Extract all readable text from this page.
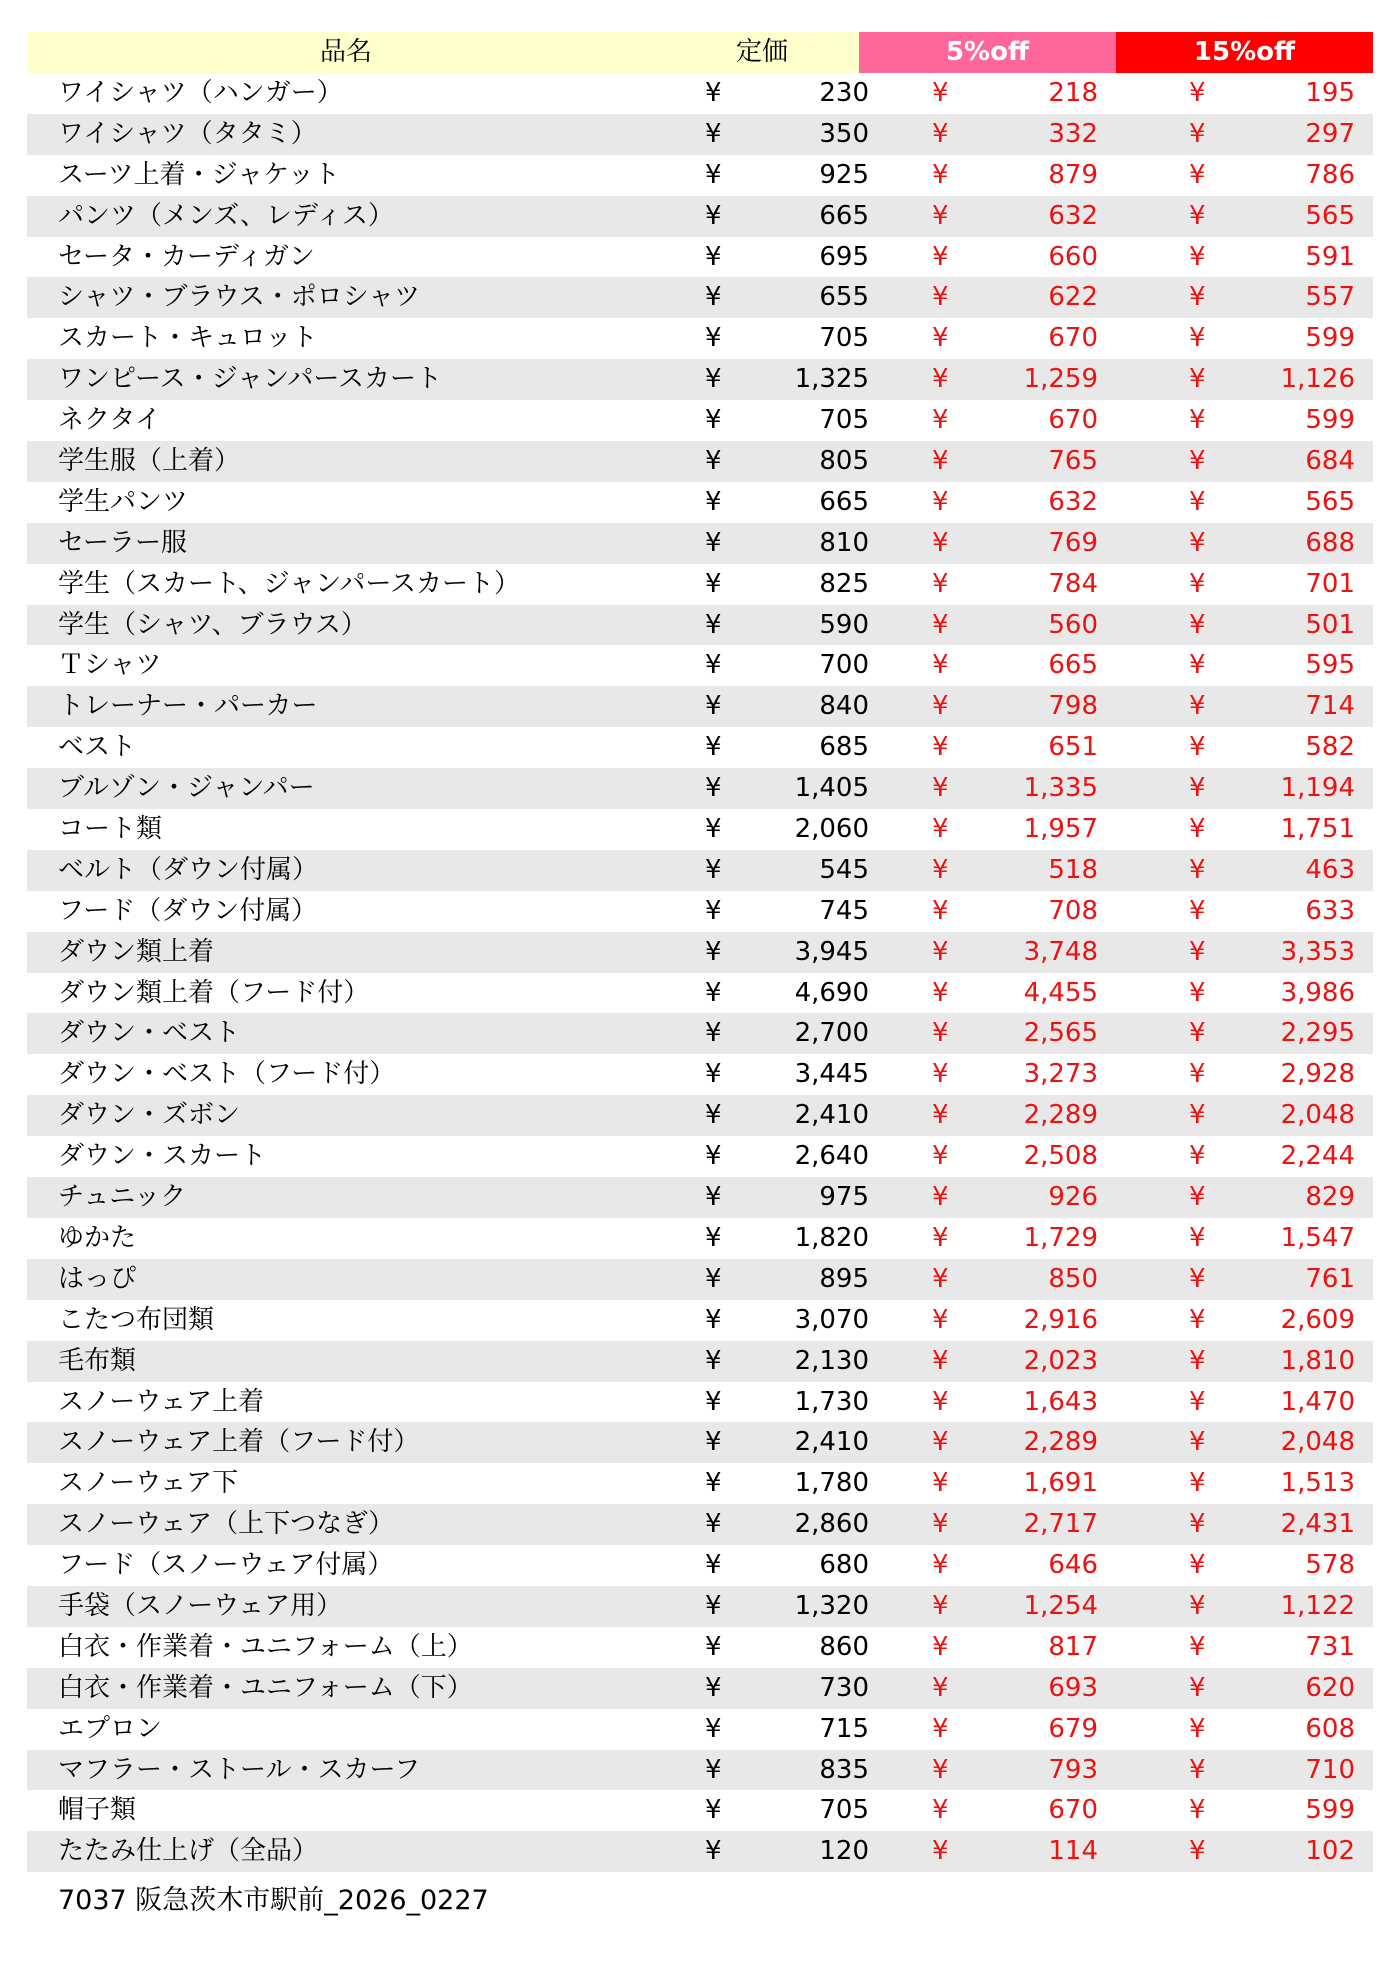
品名	定価	5%off	15%off
ワイシャツ（ハンガー）	¥	230 ¥	218	¥	195
ワイシャツ（タタミ）	¥	350 ¥	332	¥	297
スーツ上着・ジャケット	¥	925 ¥	879	¥	786
パンツ（メンズ、レディス）	¥	665 ¥	632	¥	565
セータ・カーディガン	¥	695 ¥	660	¥	591
シャツ・ブラウス・ポロシャツ	¥	655 ¥	622	¥	557
スカート・キュロット	¥	705 ¥	670	¥	599
ワンピース・ジャンパースカート	¥	1,325 ¥	1,259	¥	1,126
ネクタイ	¥	705 ¥	670	¥	599
学生服（上着）	¥	805 ¥	765	¥	684
学生パンツ	¥	665 ¥	632	¥	565
セーラー服	¥	810 ¥	769	¥	688
学生（スカート、ジャンパースカート）	¥	825 ¥	784	¥	701
学生（シャツ、ブラウス）	¥	590 ¥	560	¥	501
Ｔシャツ	¥	700 ¥	665	¥	595
トレーナー・パーカー	¥	840 ¥	798	¥	714
ベスト	¥	685 ¥	651	¥	582
ブルゾン・ジャンパー	¥	1,405 ¥	1,335	¥	1,194
コート類	¥	2,060 ¥	1,957	¥	1,751
ベルト（ダウン付属）	¥	545 ¥	518	¥	463
フード（ダウン付属）	¥	745 ¥	708	¥	633
ダウン類上着	¥	3,945 ¥	3,748	¥	3,353
ダウン類上着（フード付）	¥	4,690 ¥	4,455	¥	3,986
ダウン・ベスト	¥	2,700 ¥	2,565	¥	2,295
ダウン・ベスト（フード付）	¥	3,445 ¥	3,273	¥	2,928
ダウン・ズボン	¥	2,410 ¥	2,289	¥	2,048
ダウン・スカート	¥	2,640 ¥	2,508	¥	2,244
チュニック	¥	975 ¥	926	¥	829
ゆかた	¥	1,820 ¥	1,729	¥	1,547
はっぴ	¥	895 ¥	850	¥	761
こたつ布団類	¥	3,070 ¥	2,916	¥	2,609
毛布類	¥	2,130 ¥	2,023	¥	1,810
スノーウェア上着	¥	1,730 ¥	1,643	¥	1,470
スノーウェア上着（フード付）	¥	2,410 ¥	2,289	¥	2,048
スノーウェア下	¥	1,780 ¥	1,691	¥	1,513
スノーウェア（上下つなぎ）	¥	2,860 ¥	2,717	¥	2,431
フード（スノーウェア付属）	¥	680 ¥	646	¥	578
手袋（スノーウェア用）	¥	1,320 ¥	1,254	¥	1,122
白衣・作業着・ユニフォーム（上）	¥	860 ¥	817	¥	731
白衣・作業着・ユニフォーム（下）	¥	730 ¥	693	¥	620
エプロン	¥	715 ¥	679	¥	608
マフラー・ストール・スカーフ	¥	835 ¥	793	¥	710
帽子類	¥	705 ¥	670	¥	599
たたみ仕上げ（全品）	¥	120 ¥	114	¥	102
7037 阪急茨木市駅前_2026_0227
